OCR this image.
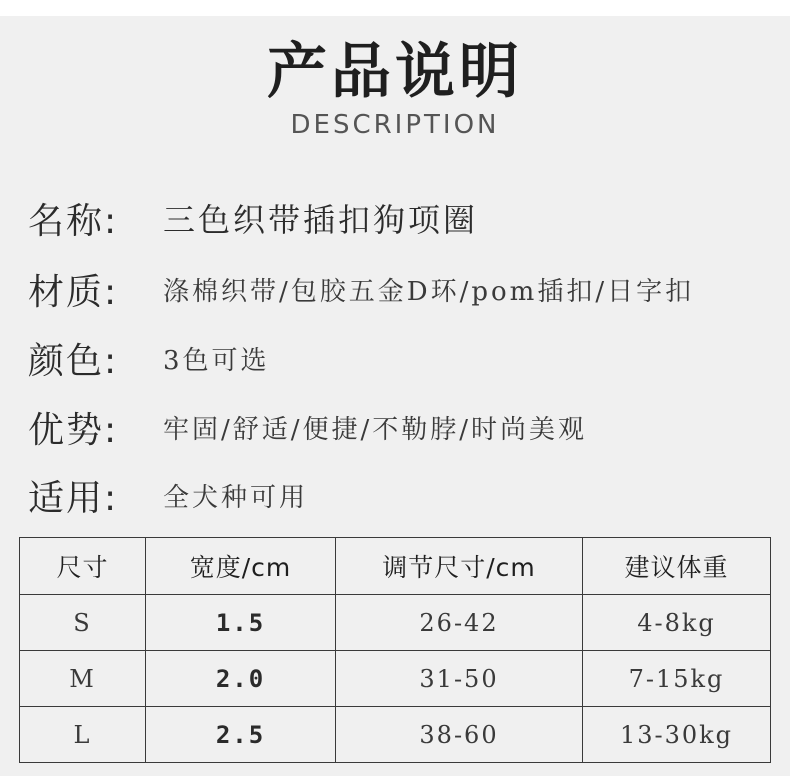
产品说明
DESCRIPTION
名称:	三色织带插扣狗项圈
材质:	涤棉织带/包胶五金D环/pom插扣/日字扣
颜色:	3色可选
优势:	牢固/舒适/便捷/不勒脖/时尚美观
适用:	全犬种可用
尺寸	宽度/cm	调节尺寸/cm	建议体重
S	1.5	26-42	4-8kg
M	2.0	31-50	7-15kg
L	2.5	38-60	13-30kg
